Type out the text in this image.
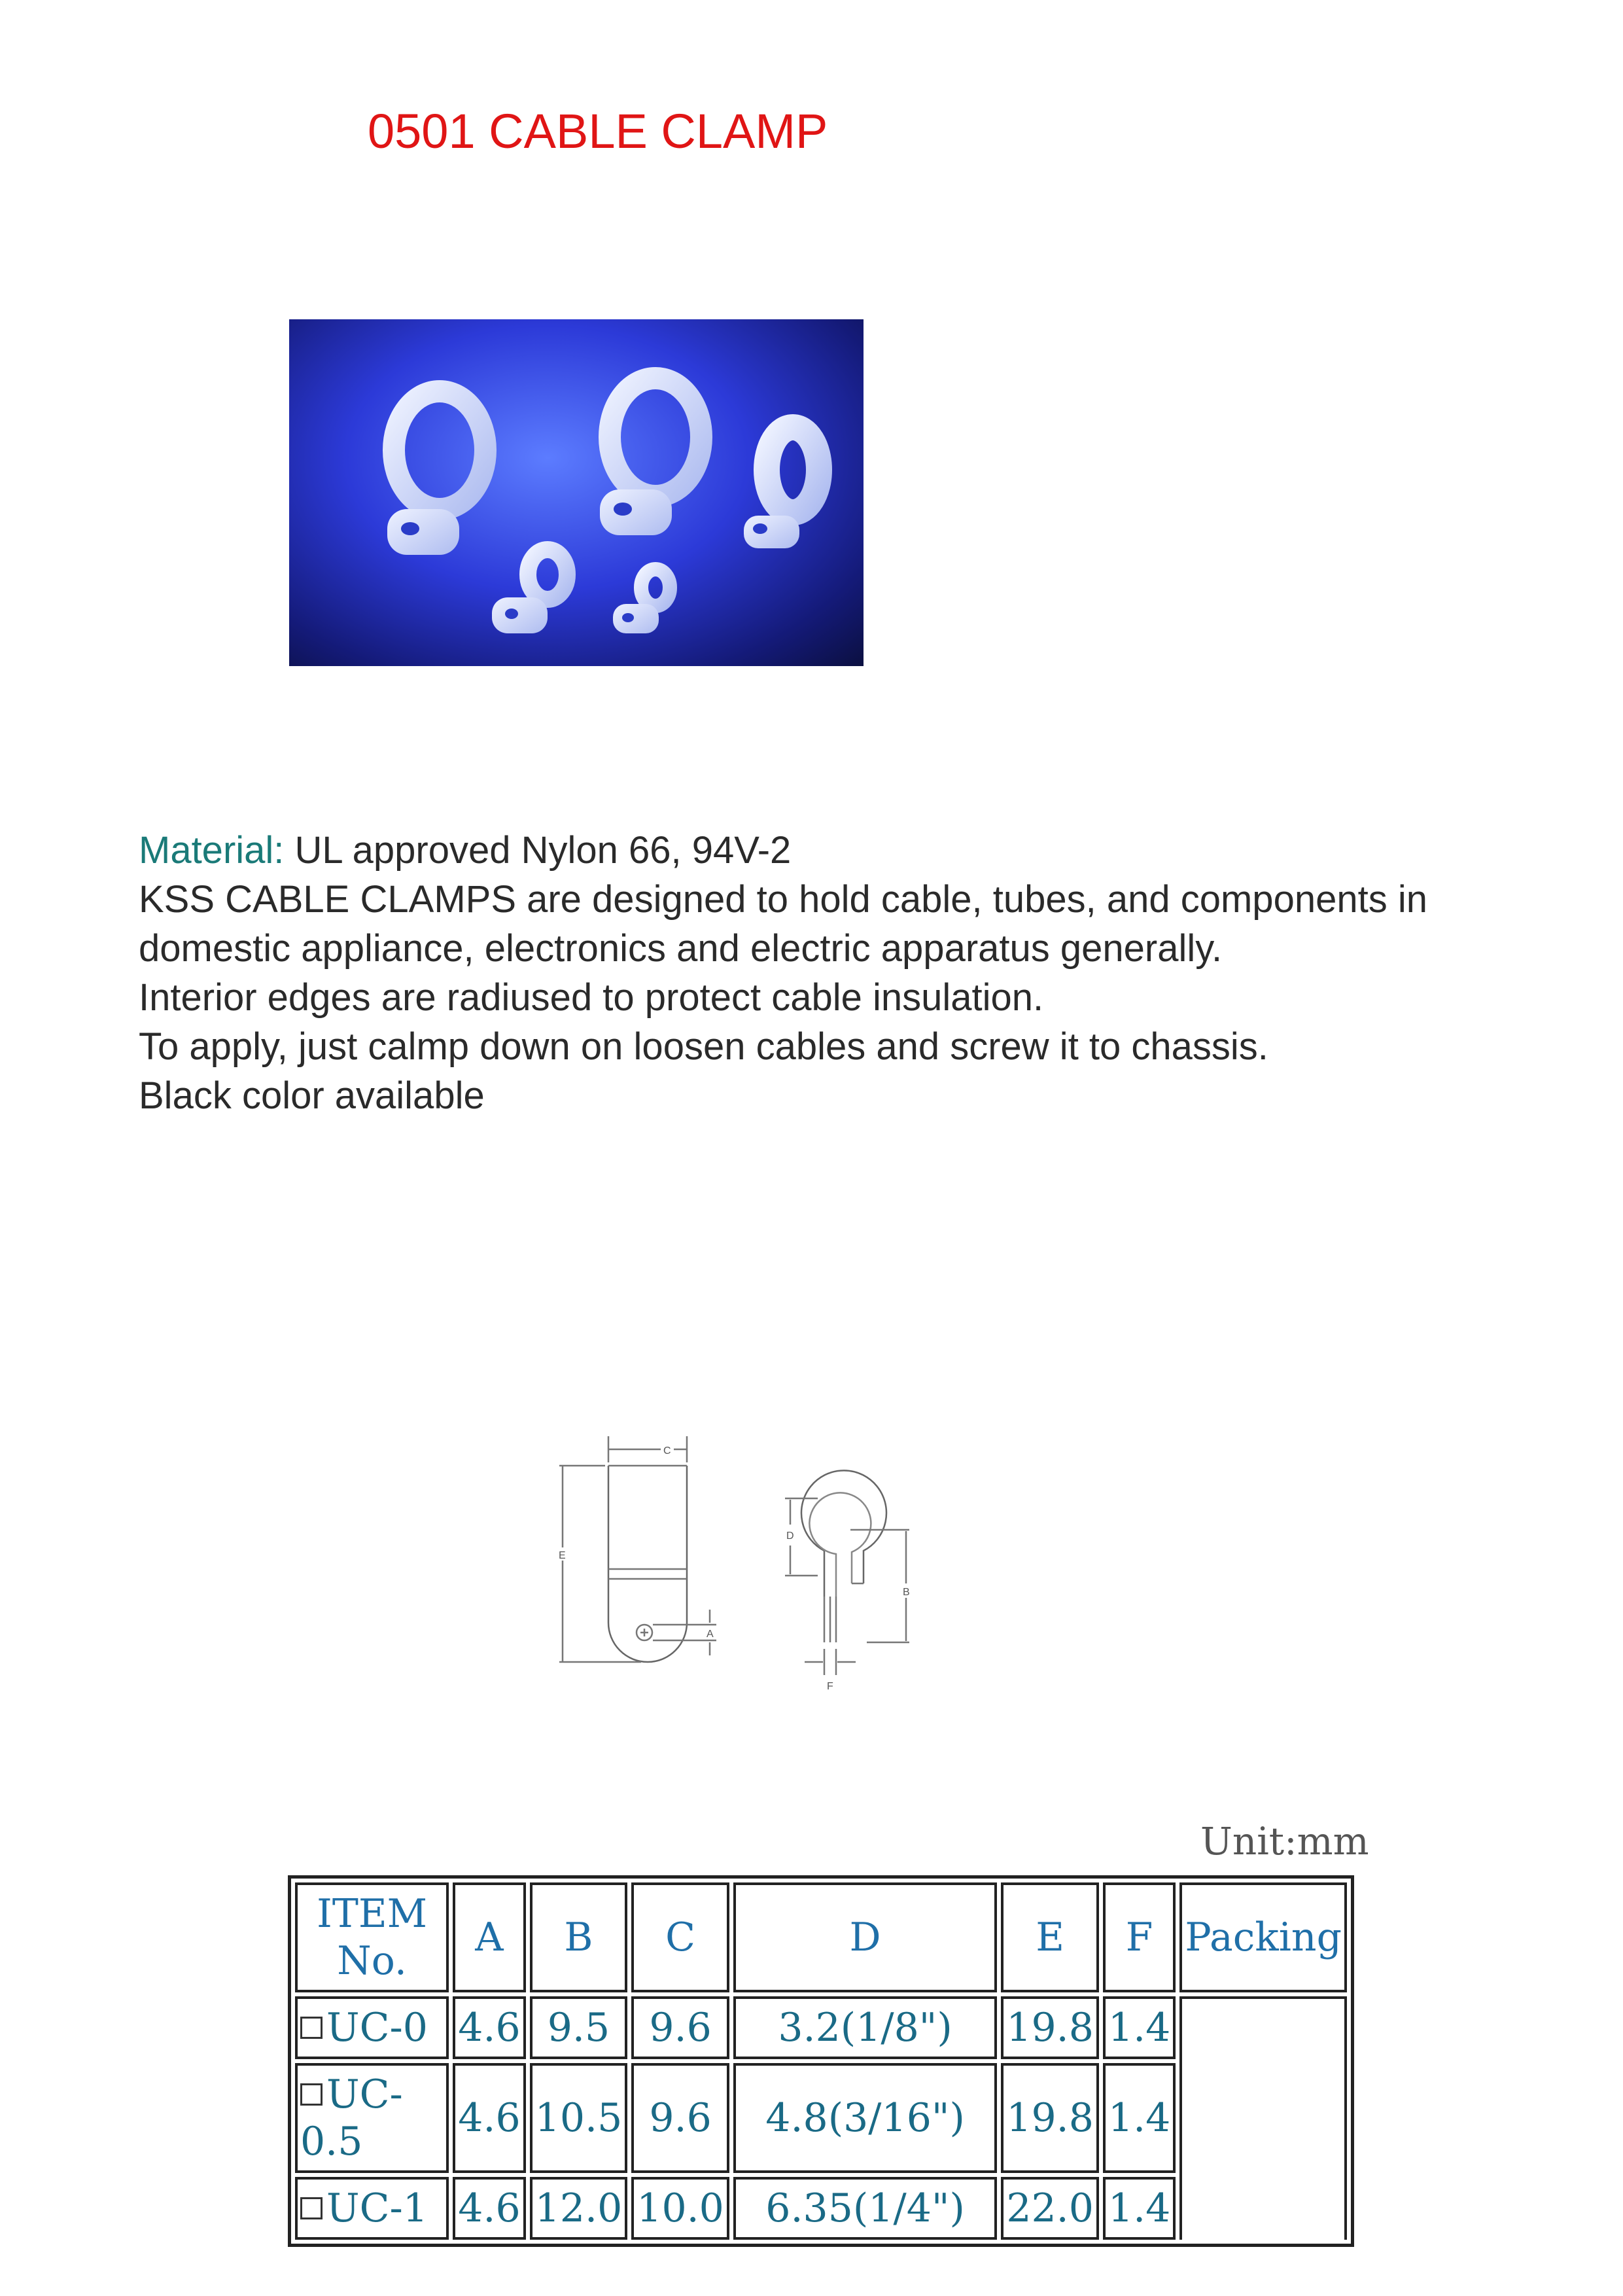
0501 CABLE CLAMP

Material: UL approved Nylon 66, 94V-2

KSS CABLE CLAMPS are designed to hold cable, tubes, and components in

domestic appliance, electronics and electric apparatus generally.

Interior edges are radiused to protect cable insulation.

To apply, just calmp down on loosen cables and screw it to chassis.

Black color available

C
E
A
D
B
F
Unit:mm
ITEM No.	A	B	C	D	E	F	Packing
UC-0	4.6	9.5	9.6	3.2(1/8")	19.8	1.4	
UC-0.5	4.6	10.5	9.6	4.8(3/16")	19.8	1.4	
UC-1	4.6	12.0	10.0	6.35(1/4")	22.0	1.4	
